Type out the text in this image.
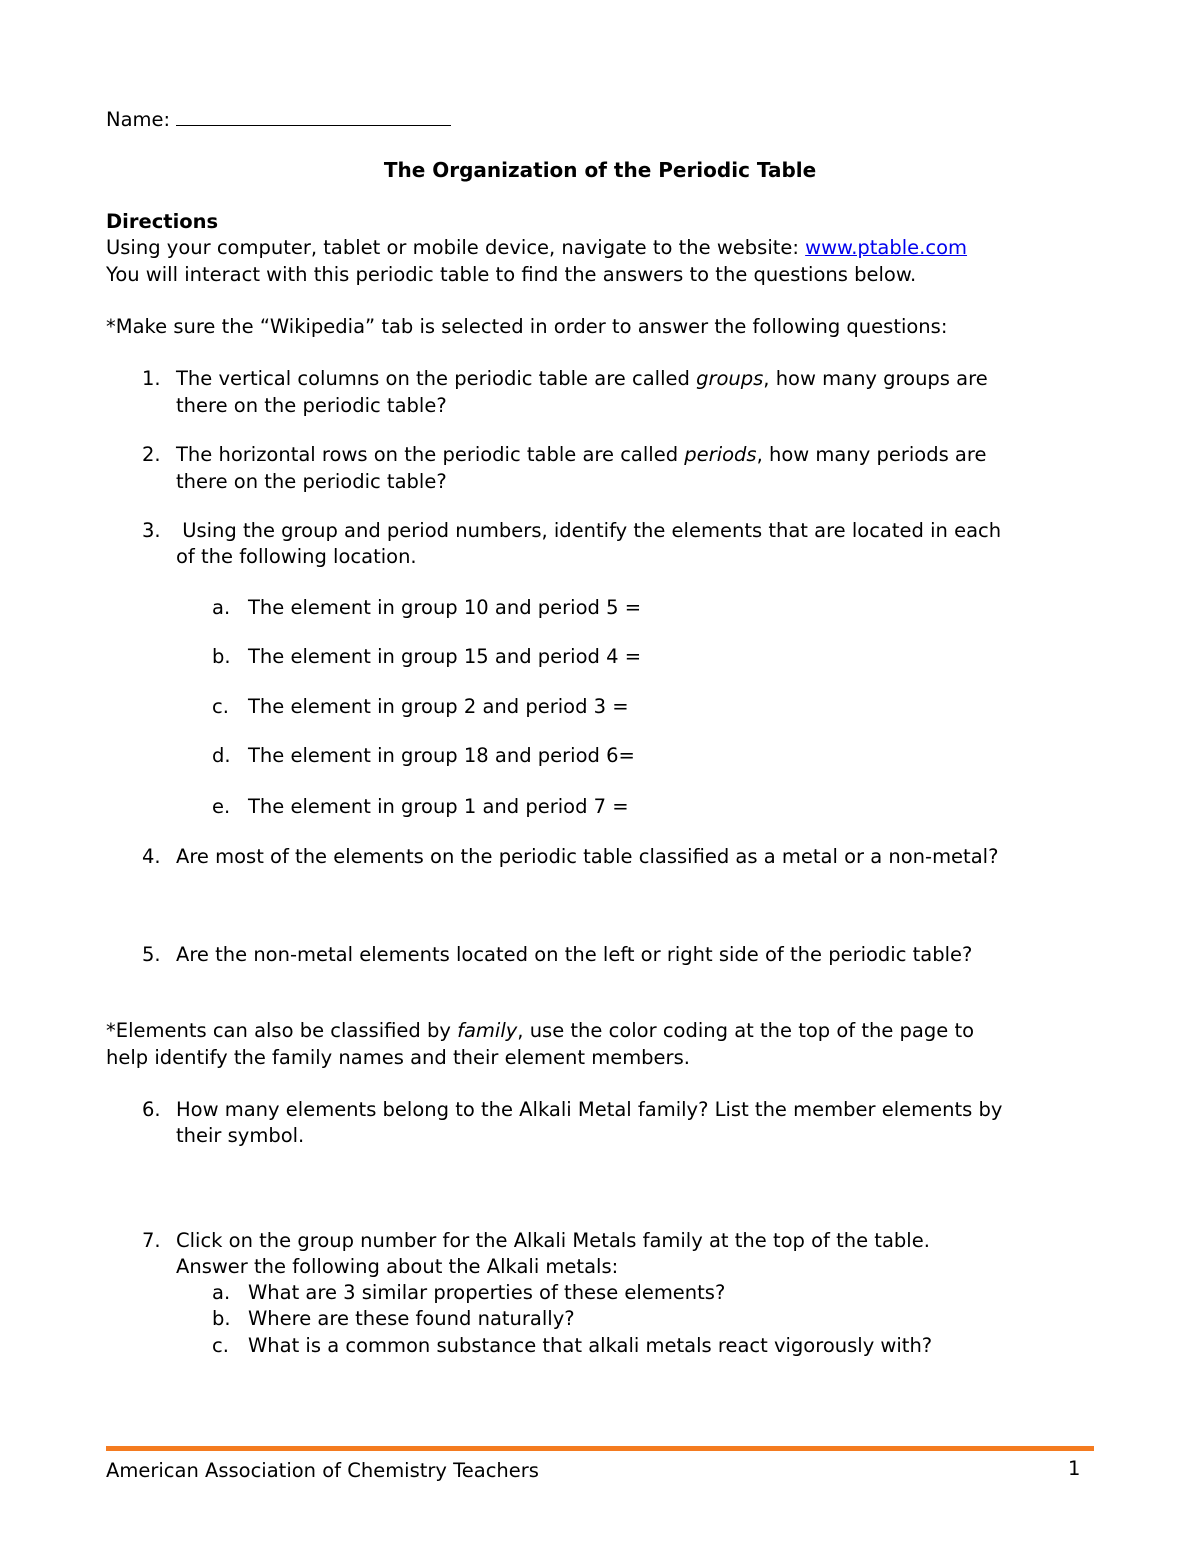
Name:
The Organization of the Periodic Table
Directions
Using your computer, tablet or mobile device, navigate to the website: www.ptable.com
You will interact with this periodic table to find the answers to the questions below.
*Make sure the “Wikipedia” tab is selected in order to answer the following questions:
1. The vertical columns on the periodic table are called groups, how many groups are
there on the periodic table?
2. The horizontal rows on the periodic table are called periods, how many periods are
there on the periodic table?
3. Using the group and period numbers, identify the elements that are located in each
of the following location.
a. The element in group 10 and period 5 =
b. The element in group 15 and period 4 =
c. The element in group 2 and period 3 =
d. The element in group 18 and period 6=
e. The element in group 1 and period 7 =
4. Are most of the elements on the periodic table classified as a metal or a non-metal?
5. Are the non-metal elements located on the left or right side of the periodic table?
*Elements can also be classified by family, use the color coding at the top of the page to
help identify the family names and their element members.
6. How many elements belong to the Alkali Metal family? List the member elements by
their symbol.
7. Click on the group number for the Alkali Metals family at the top of the table.
Answer the following about the Alkali metals:
a. What are 3 similar properties of these elements?
b. Where are these found naturally?
c. What is a common substance that alkali metals react vigorously with?
American Association of Chemistry Teachers	1
